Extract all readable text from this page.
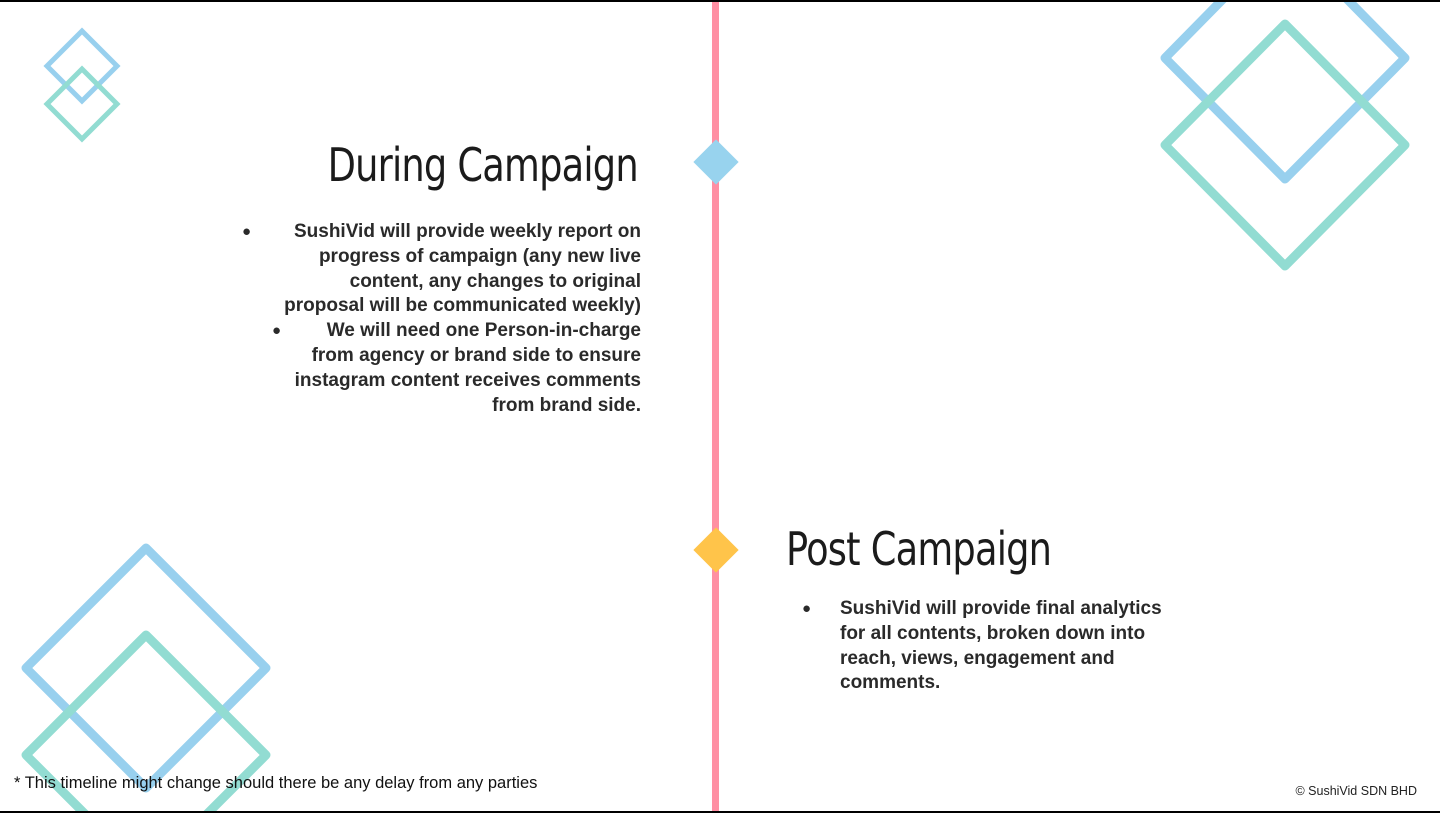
During Campaign
● SushiVid will provide weekly report on progress of campaign (any new live content, any changes to original proposal will be communicated weekly)
● We will need one Person-in-charge from agency or brand side to ensure instagram content receives comments from brand side.
Post Campaign
● SushiVid will provide final analytics for all contents, broken down into reach, views, engagement and comments.
* This timeline might change should there be any delay from any parties	© SushiVid SDN BHD
